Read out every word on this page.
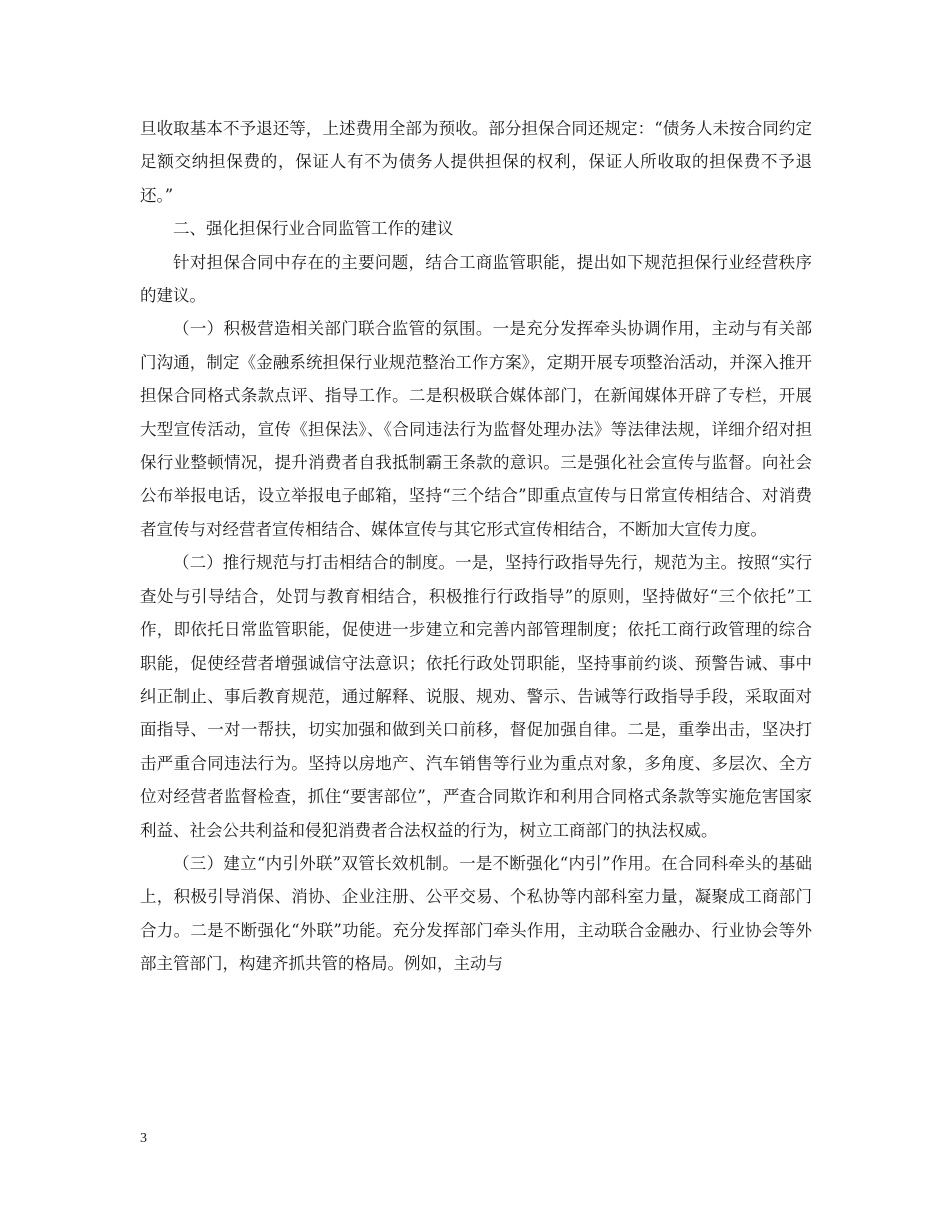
旦收取基本不予退还等，上述费用全部为预收。部分担保合同还规定：“债务人未按合同约定足额交纳担保费的，保证人有不为债务人提供担保的权利，保证人所收取的担保费不予退还。”

二、强化担保行业合同监管工作的建议

针对担保合同中存在的主要问题，结合工商监管职能，提出如下规范担保行业经营秩序的建议。

（一）积极营造相关部门联合监管的氛围。一是充分发挥牵头协调作用，主动与有关部门沟通，制定《金融系统担保行业规范整治工作方案》，定期开展专项整治活动，并深入推开担保合同格式条款点评、指导工作。二是积极联合媒体部门，在新闻媒体开辟了专栏，开展大型宣传活动，宣传《担保法》、《合同违法行为监督处理办法》等法律法规，详细介绍对担保行业整顿情况，提升消费者自我抵制霸王条款的意识。三是强化社会宣传与监督。向社会公布举报电话，设立举报电子邮箱，坚持“三个结合”即重点宣传与日常宣传相结合、对消费者宣传与对经营者宣传相结合、媒体宣传与其它形式宣传相结合，不断加大宣传力度。

（二）推行规范与打击相结合的制度。一是，坚持行政指导先行，规范为主。按照“实行查处与引导结合，处罚与教育相结合，积极推行行政指导”的原则，坚持做好“三个依托”工作，即依托日常监管职能，促使进一步建立和完善内部管理制度；依托工商行政管理的综合职能，促使经营者增强诚信守法意识；依托行政处罚职能，坚持事前约谈、预警告诫、事中纠正制止、事后教育规范，通过解释、说服、规劝、警示、告诫等行政指导手段，采取面对面指导、一对一帮扶，切实加强和做到关口前移，督促加强自律。二是，重拳出击，坚决打击严重合同违法行为。坚持以房地产、汽车销售等行业为重点对象，多角度、多层次、全方位对经营者监督检查，抓住“要害部位”，严查合同欺诈和利用合同格式条款等实施危害国家利益、社会公共利益和侵犯消费者合法权益的行为，树立工商部门的执法权威。

（三）建立“内引外联”双管长效机制。一是不断强化“内引”作用。在合同科牵头的基础上，积极引导消保、消协、企业注册、公平交易、个私协等内部科室力量，凝聚成工商部门合力。二是不断强化“外联”功能。充分发挥部门牵头作用，主动联合金融办、行业协会等外部主管部门，构建齐抓共管的格局。例如，主动与

3
